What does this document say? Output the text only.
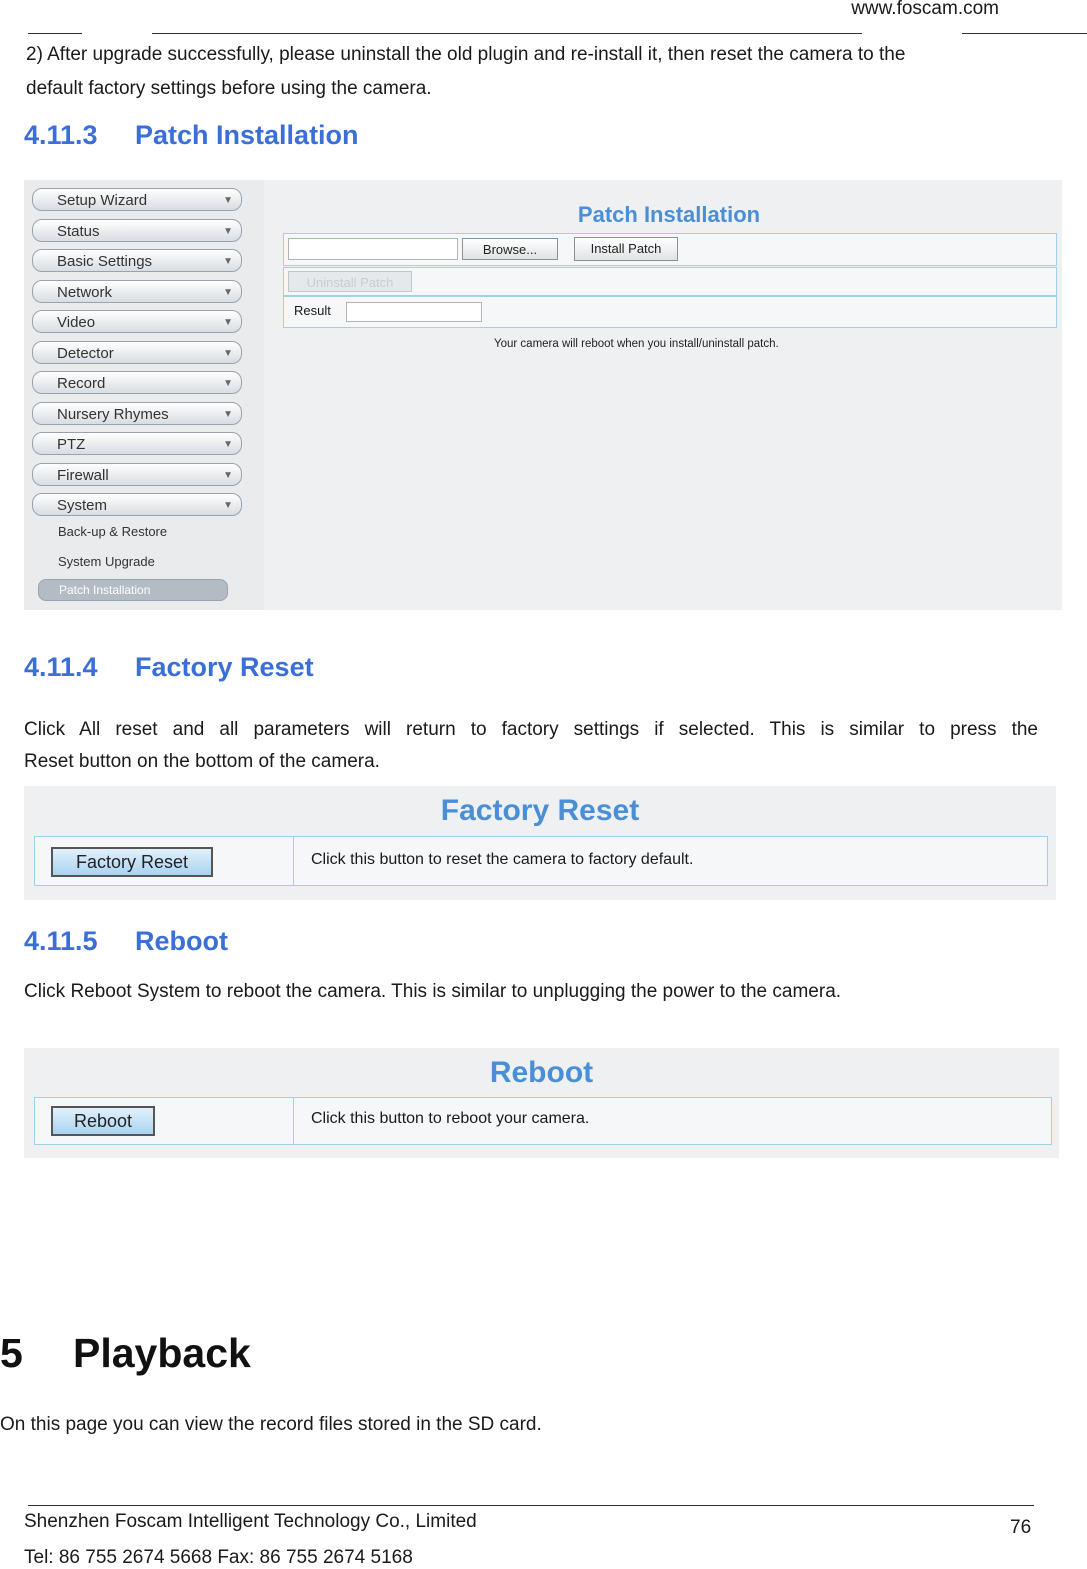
www.foscam.com
2) After upgrade successfully, please uninstall the old plugin and re-install it, then reset the camera to the
default factory settings before using the camera.
4.11.3 Patch Installation
Setup Wizard	▼
Status	▼
Basic Settings	▼
Network	▼
Video	▼
Detector	▼
Record	▼
Nursery Rhymes	▼
PTZ	▼
Firewall	▼
System	▼
Back-up & Restore
System Upgrade
Patch Installation
Patch Installation
Browse...	Install Patch
Uninstall Patch
Result
Your camera will reboot when you install/uninstall patch.
4.11.4 Factory Reset
Click All reset and all parameters will return to factory settings if selected. This is similar to press the
Reset button on the bottom of the camera.
Factory Reset
Factory Reset	Click this button to reset the camera to factory default.
4.11.5 Reboot
Click Reboot System to reboot the camera. This is similar to unplugging the power to the camera.
Reboot
Reboot	Click this button to reboot your camera.
5 Playback
On this page you can view the record files stored in the SD card.
Shenzhen Foscam Intelligent Technology Co., Limited
Tel: 86 755 2674 5668 Fax: 86 755 2674 5168
76
